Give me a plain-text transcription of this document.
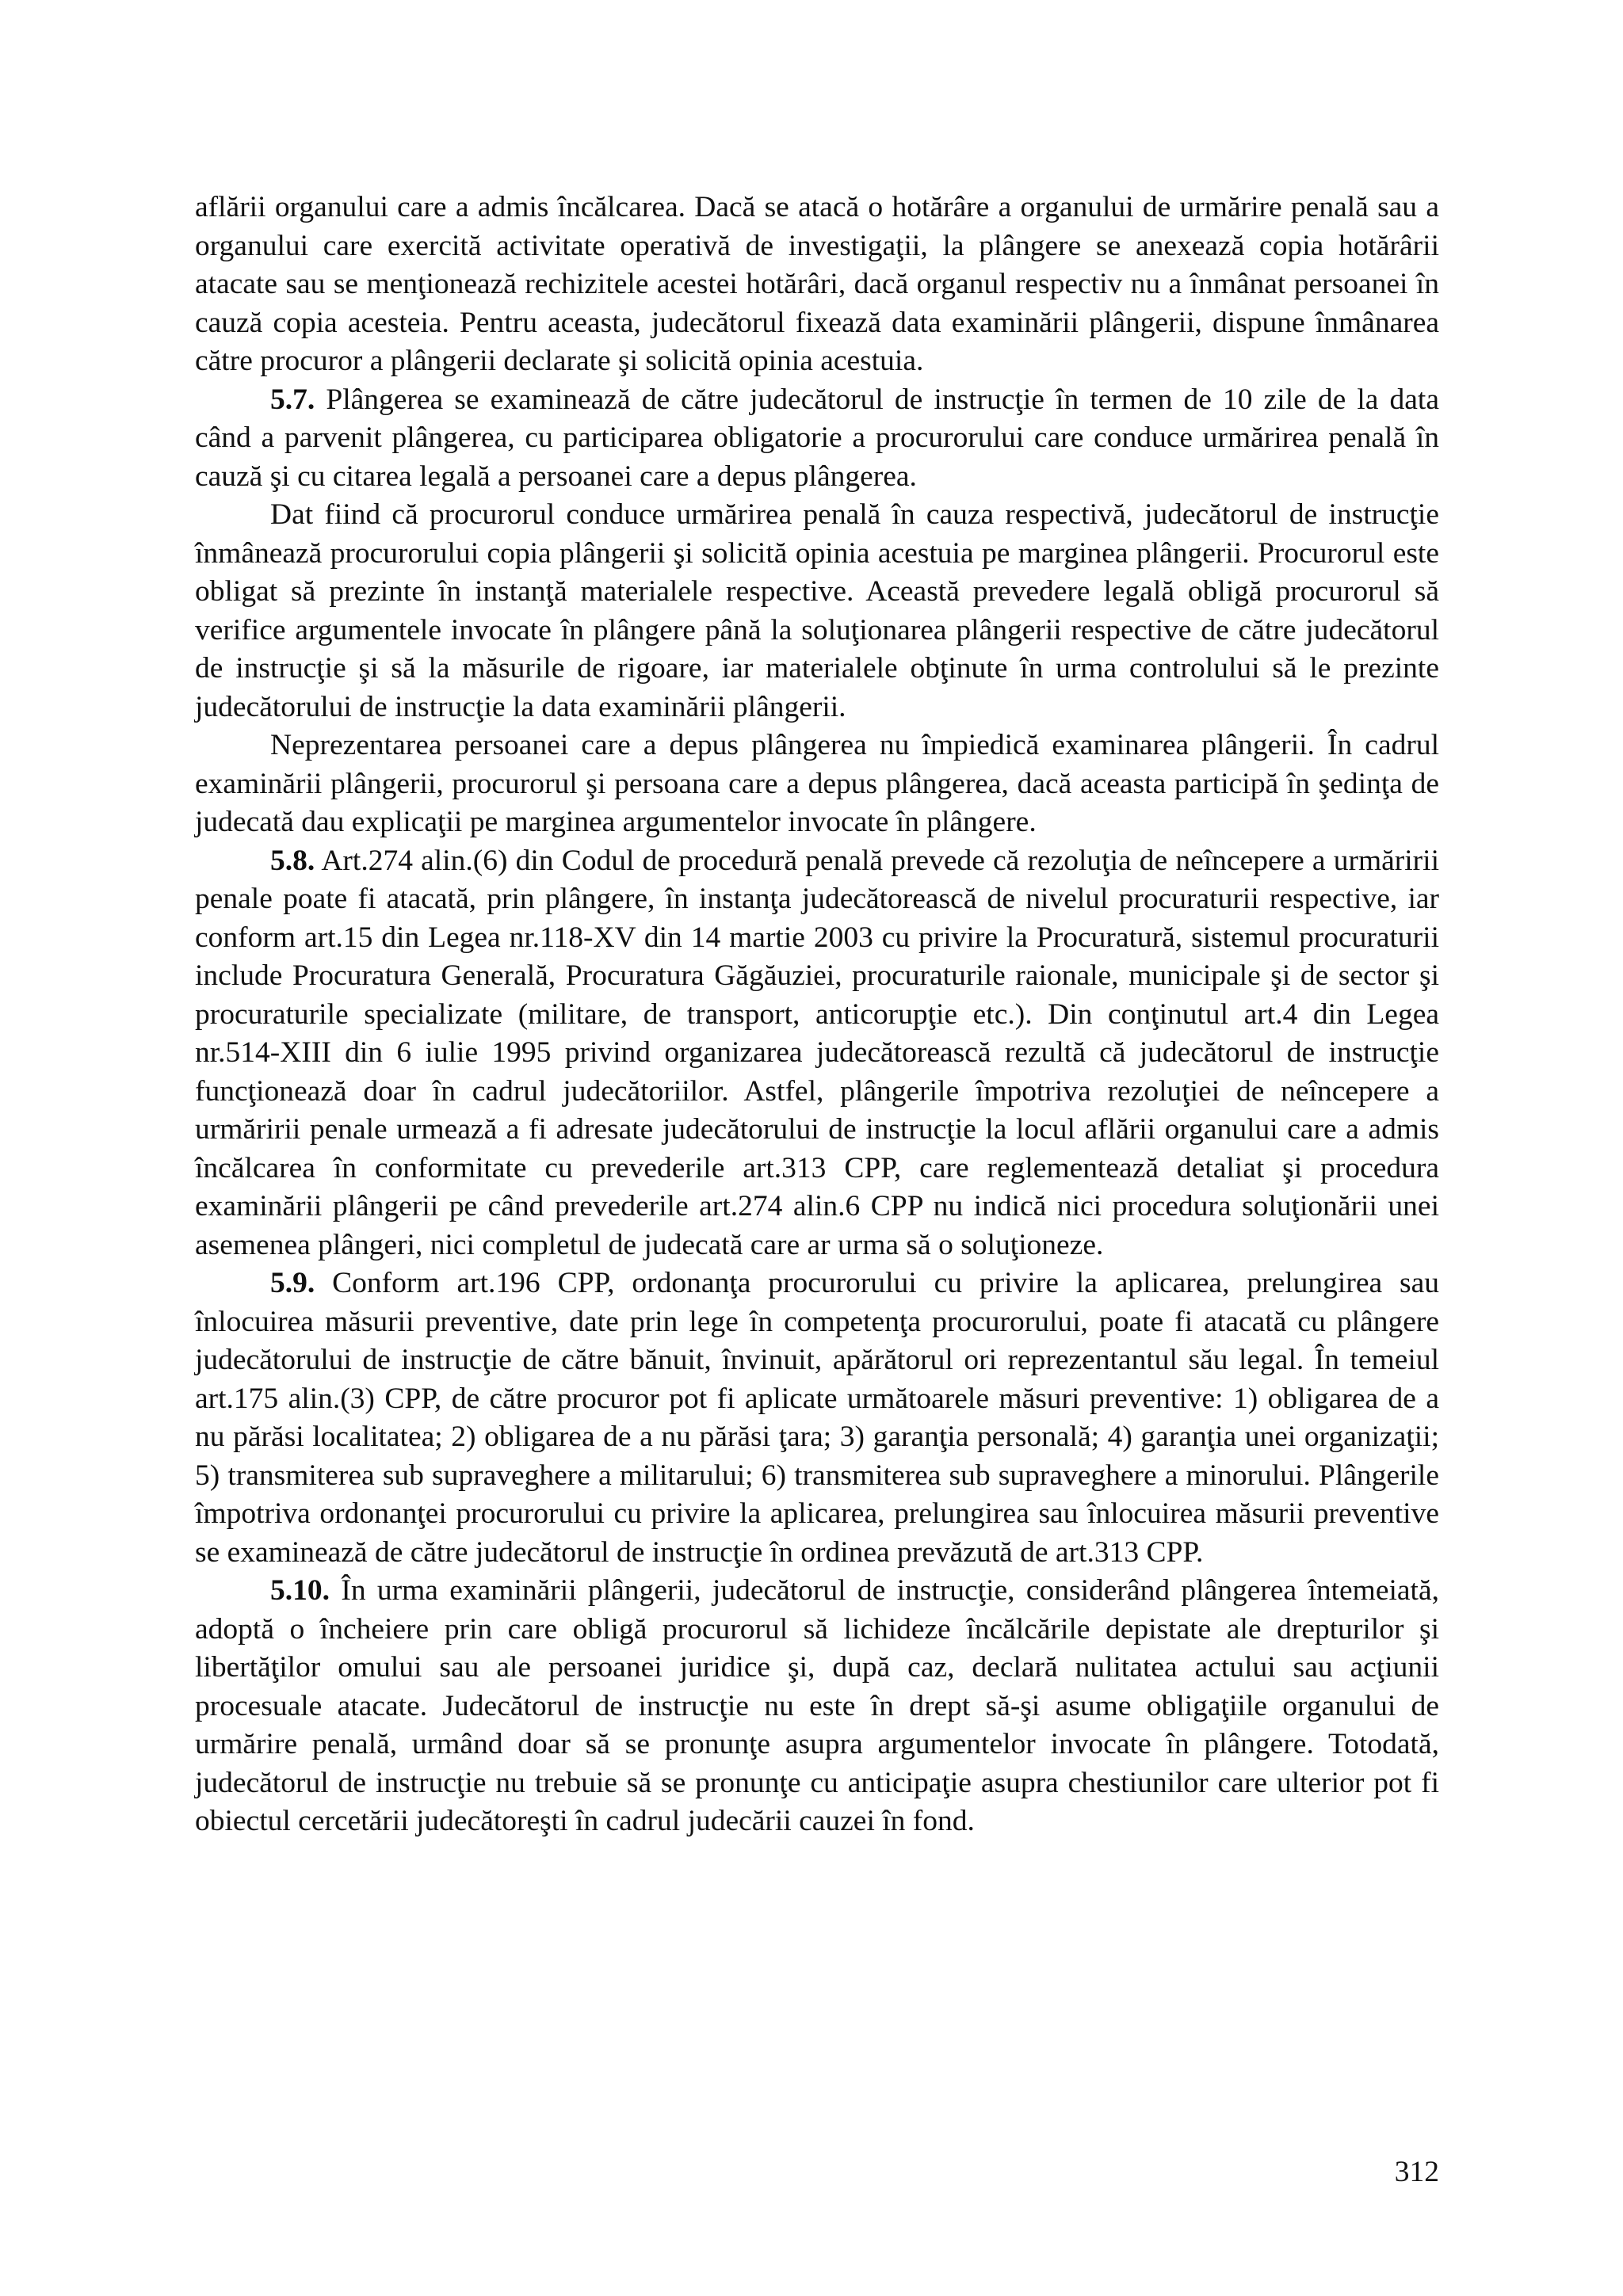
aflării organului care a admis încălcarea. Dacă se atacă o hotărâre a organului de urmărire penală sau a organului care exercită activitate operativă de investigaţii, la plângere se anexează copia hotărârii atacate sau se menţionează rechizitele acestei hotărâri, dacă organul respectiv nu a înmânat persoanei în cauză copia acesteia. Pentru aceasta, judecătorul fixează data examinării plângerii, dispune înmânarea către procuror a plângerii declarate şi solicită opinia acestuia.

5.7. Plângerea se examinează de către judecătorul de instrucţie în termen de 10 zile de la data când a parvenit plângerea, cu participarea obligatorie a procurorului care conduce urmărirea penală în cauză şi cu citarea legală a persoanei care a depus plângerea.

Dat fiind că procurorul conduce urmărirea penală în cauza respectivă, judecătorul de instrucţie înmânează procurorului copia plângerii şi solicită opinia acestuia pe marginea plângerii. Procurorul este obligat să prezinte în instanţă materialele respective. Această prevedere legală obligă procurorul să verifice argumentele invocate în plângere până la soluţionarea plângerii respective de către judecătorul de instrucţie şi să la măsurile de rigoare, iar materialele obţinute în urma controlului să le prezinte judecătorului de instrucţie la data examinării plângerii.

Neprezentarea persoanei care a depus plângerea nu împiedică examinarea plângerii. În cadrul examinării plângerii, procurorul şi persoana care a depus plângerea, dacă aceasta participă în şedinţa de judecată dau explicaţii pe marginea argumentelor invocate în plângere.

5.8. Art.274 alin.(6) din Codul de procedură penală prevede că rezoluţia de neîncepere a urmăririi penale poate fi atacată, prin plângere, în instanţa judecătorească de nivelul procuraturii respective, iar conform art.15 din Legea nr.118-XV din 14 martie 2003 cu privire la Procuratură, sistemul procuraturii include Procuratura Generală, Procuratura Găgăuziei, procuraturile raionale, municipale şi de sector şi procuraturile specializate (militare, de transport, anticorupţie etc.). Din conţinutul art.4 din Legea nr.514-XIII din 6 iulie 1995 privind organizarea judecătorească rezultă că judecătorul de instrucţie funcţionează doar în cadrul judecătoriilor. Astfel, plângerile împotriva rezoluţiei de neîncepere a urmăririi penale urmează a fi adresate judecătorului de instrucţie la locul aflării organului care a admis încălcarea în conformitate cu prevederile art.313 CPP, care reglementează detaliat şi procedura examinării plângerii pe când prevederile art.274 alin.6 CPP nu indică nici procedura soluţionării unei asemenea plângeri, nici completul de judecată care ar urma să o soluţioneze.

5.9. Conform art.196 CPP, ordonanţa procurorului cu privire la aplicarea, prelungirea sau înlocuirea măsurii preventive, date prin lege în competenţa procurorului, poate fi atacată cu plângere judecătorului de instrucţie de către bănuit, învinuit, apărătorul ori reprezentantul său legal. În temeiul art.175 alin.(3) CPP, de către procuror pot fi aplicate următoarele măsuri preventive: 1) obligarea de a nu părăsi localitatea; 2) obligarea de a nu părăsi ţara; 3) garanţia personală; 4) garanţia unei organizaţii; 5) transmiterea sub supraveghere a militarului; 6) transmiterea sub supraveghere a minorului. Plângerile împotriva ordonanţei procurorului cu privire la aplicarea, prelungirea sau înlocuirea măsurii preventive se examinează de către judecătorul de instrucţie în ordinea prevăzută de art.313 CPP.

5.10. În urma examinării plângerii, judecătorul de instrucţie, considerând plângerea întemeiată, adoptă o încheiere prin care obligă procurorul să lichideze încălcările depistate ale drepturilor şi libertăţilor omului sau ale persoanei juridice şi, după caz, declară nulitatea actului sau acţiunii procesuale atacate. Judecătorul de instrucţie nu este în drept să-şi asume obligaţiile organului de urmărire penală, urmând doar să se pronunţe asupra argumentelor invocate în plângere. Totodată, judecătorul de instrucţie nu trebuie să se pronunţe cu anticipaţie asupra chestiunilor care ulterior pot fi obiectul cercetării judecătoreşti în cadrul judecării cauzei în fond.

312
